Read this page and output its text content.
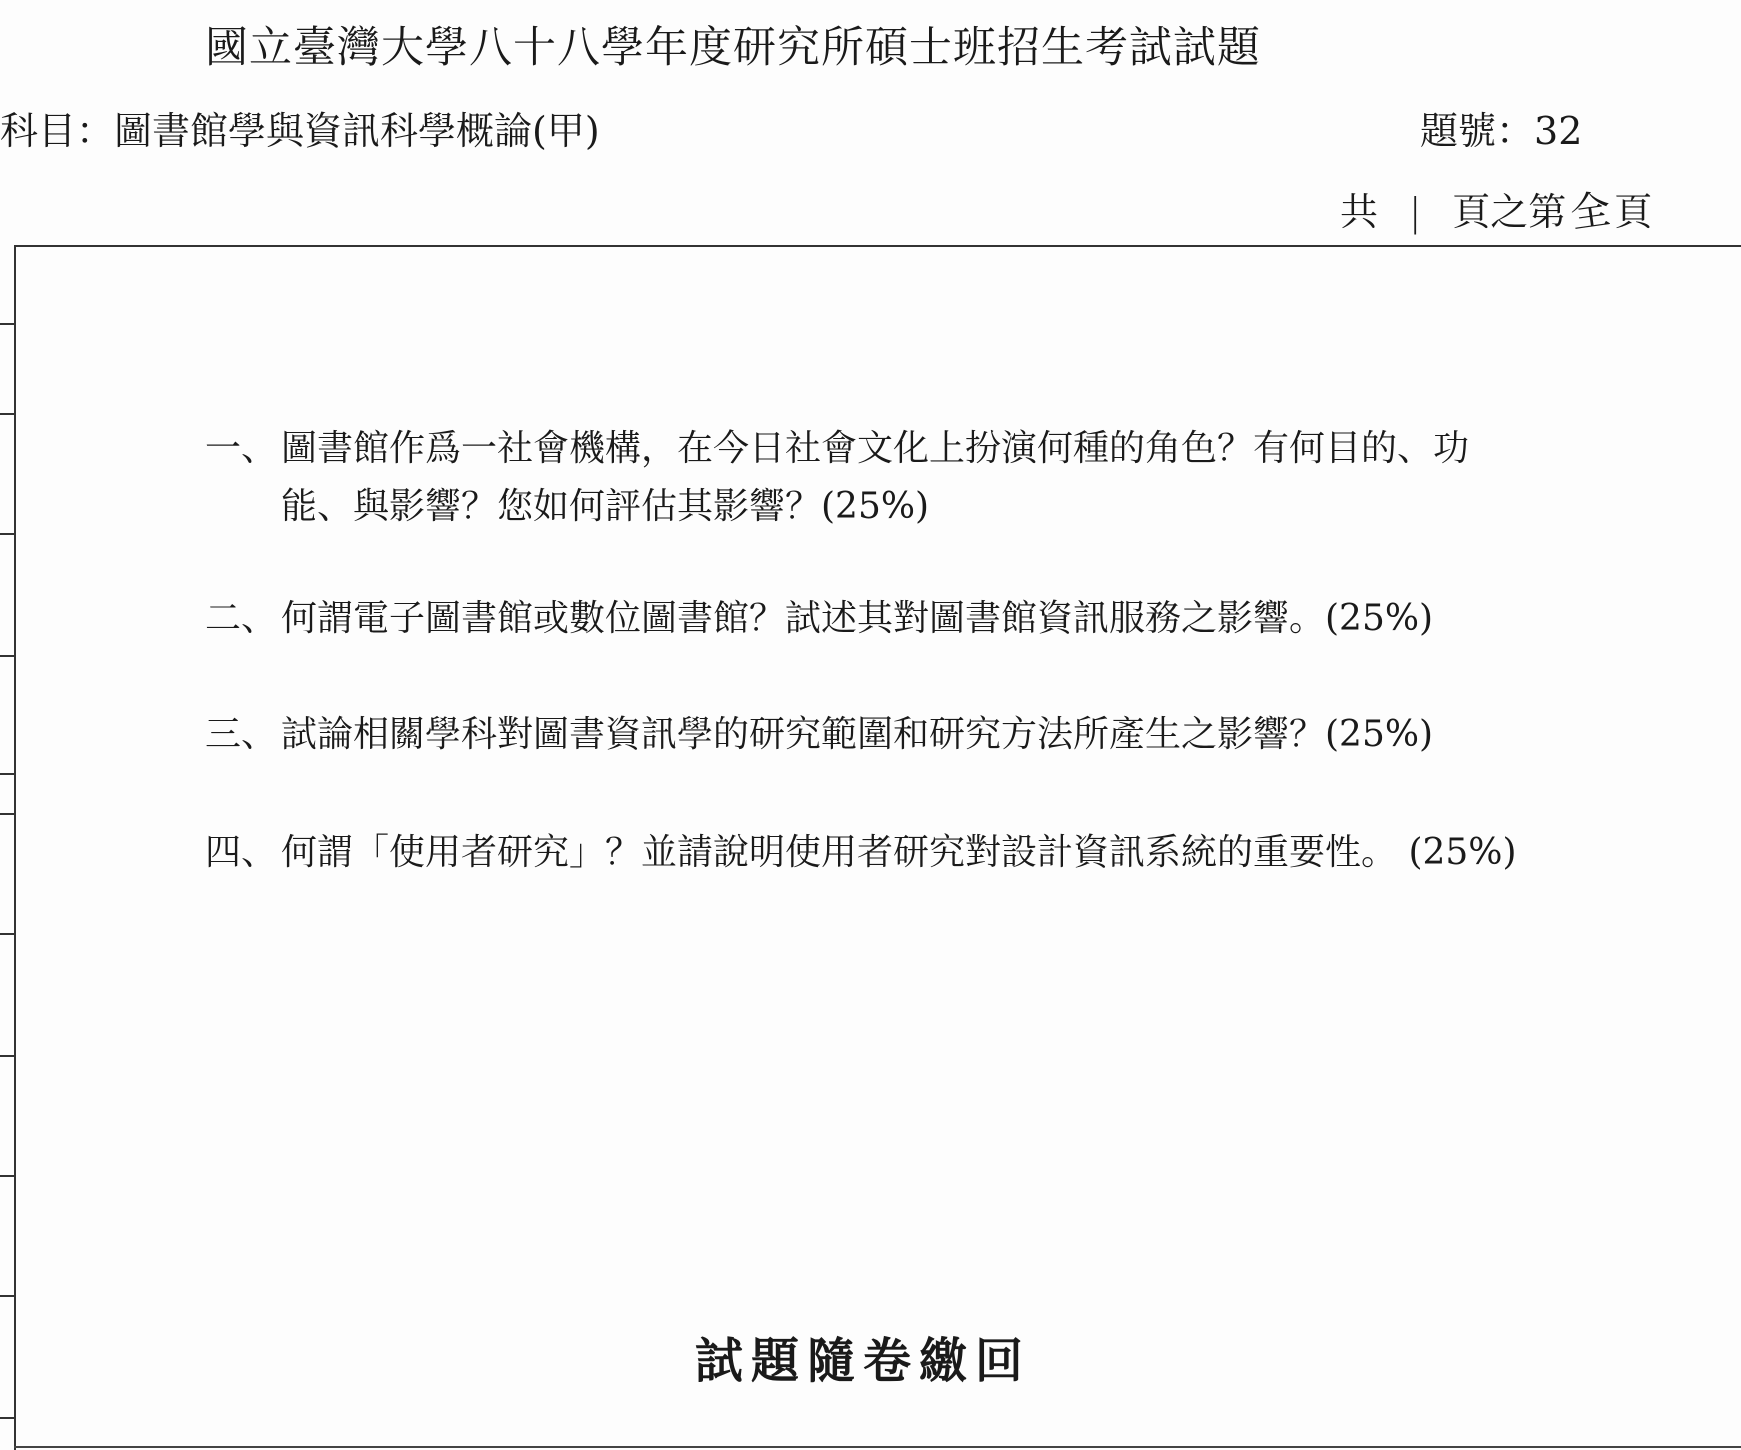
國立臺灣大學八十八學年度研究所碩士班招生考試試題
科目：圖書館學與資訊科學概論(甲)	題號：32
共 | 頁之第全頁
一、 圖書館作爲一社會機構，在今日社會文化上扮演何種的角色？有何目的、功
能、與影響？您如何評估其影響？(25%)
二、 何謂電子圖書館或數位圖書館？試述其對圖書館資訊服務之影響。(25%)
三、 試論相關學科對圖書資訊學的研究範圍和研究方法所產生之影響？(25%)
四、 何謂「使用者研究」？並請說明使用者研究對設計資訊系統的重要性。 (25%)
試題隨卷繳回
